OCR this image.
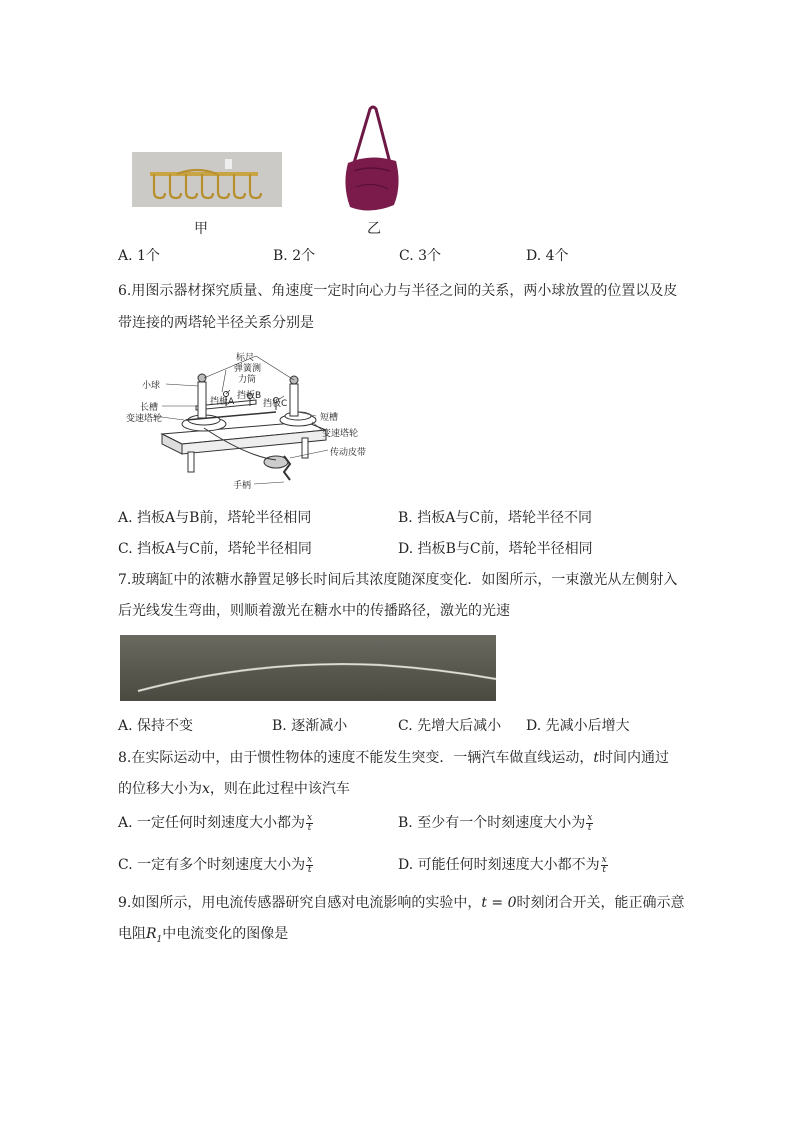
甲	乙
A. 1个	B. 2个	C. 3个	D. 4个
6.用图示器材探究质量、角速度一定时向心力与半径之间的关系，两小球放置的位置以及皮
带连接的两塔轮半径关系分别是
标尺
弹簧测
力筒
小球
挡板A
挡板B
挡板C
长槽
变速塔轮	短槽
变速塔轮
传动皮带
手柄
A. 挡板A与B前，塔轮半径相同	B. 挡板A与C前，塔轮半径不同
C. 挡板A与C前，塔轮半径相同	D. 挡板B与C前，塔轮半径相同
7.玻璃缸中的浓糖水静置足够长时间后其浓度随深度变化．如图所示，一束激光从左侧射入
后光线发生弯曲，则顺着激光在糖水中的传播路径，激光的光速
A. 保持不变	B. 逐渐减小	C. 先增大后减小 D. 先减小后增大
8.在实际运动中，由于惯性物体的速度不能发生突变．一辆汽车做直线运动，t时间内通过
的位移大小为x，则在此过程中该汽车
A. 一定任何时刻速度大小都为 $\frac{x}{t}$	B. 至少有一个时刻速度大小为 $\frac{x}{t}$
C. 一定有多个时刻速度大小为 $\frac{x}{t}$	D. 可能任何时刻速度大小都不为 $\frac{x}{t}$
9.如图所示，用电流传感器研究自感对电流影响的实验中，t = 0时刻闭合开关，能正确示意
电阻$R_1$中电流变化的图像是
